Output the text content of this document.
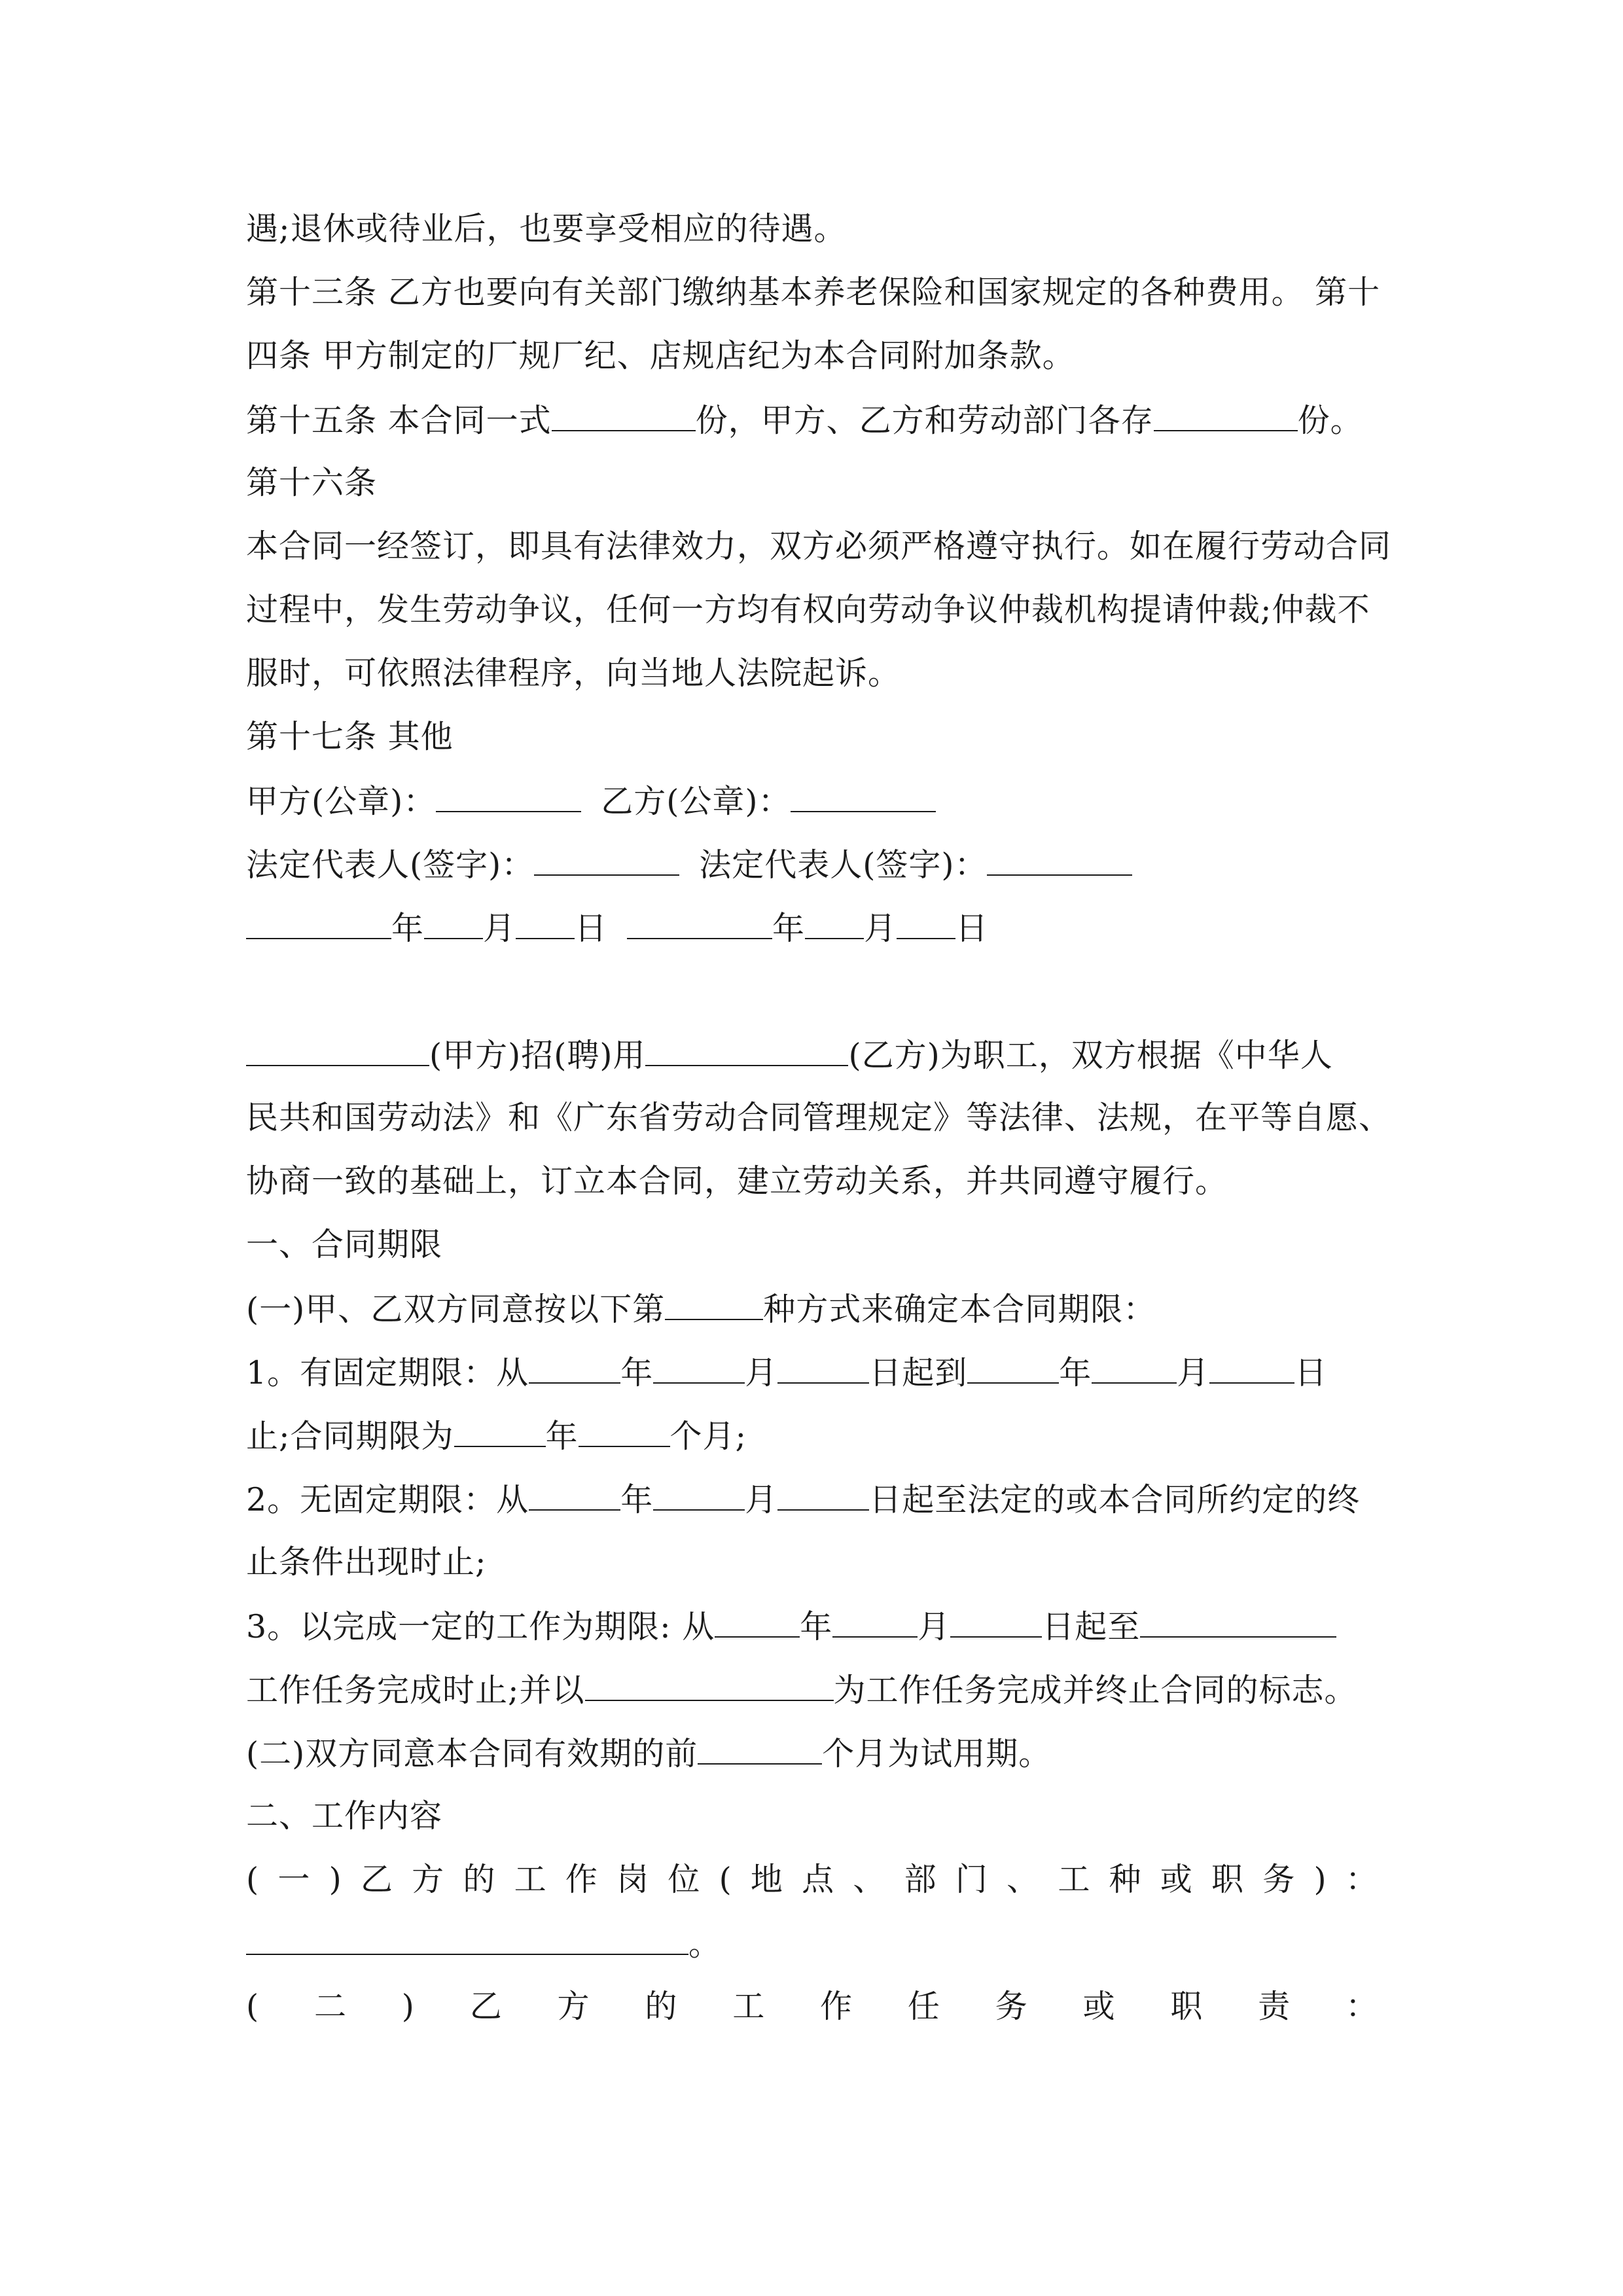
遇;退休或待业后，也要享受相应的待遇。
第十三条 乙方也要向有关部门缴纳基本养老保险和国家规定的各种费用。 第十
四条 甲方制定的厂规厂纪、店规店纪为本合同附加条款。
第十五条 本合同一式	份，甲方、乙方和劳动部门各存	份。
第十六条
本合同一经签订，即具有法律效力，双方必须严格遵守执行。如在履行劳动合同
过程中，发生劳动争议，任何一方均有权向劳动争议仲裁机构提请仲裁;仲裁不
服时，可依照法律程序，向当地人法院起诉。
第十七条 其他
甲方(公章)：	乙方(公章)：
法定代表人(签字)：	法定代表人(签字)：
年 月 日	年 月 日
(甲方)招(聘)用	(乙方)为职工，双方根据《中华人
民共和国劳动法》和《广东省劳动合同管理规定》等法律、法规，在平等自愿、
协商一致的基础上，订立本合同，建立劳动关系，并共同遵守履行。
一、合同期限
(一)甲、乙双方同意按以下第	种方式来确定本合同期限：
1。有固定期限：从	年	月	日起到	年	月	日
止;合同期限为	年	个月;
2。无固定期限：从	年	月	日起至法定的或本合同所约定的终
止条件出现时止;
3。以完成一定的工作为期限: 从	年	月	日起至
工作任务完成时止;并以	为工作任务完成并终止合同的标志。
(二)双方同意本合同有效期的前	个月为试用期。
二、工作内容
( 一 ) 乙 方 的 工 作 岗 位 ( 地 点 、 部 门 、 工 种 或 职 务 ) ：
。
( 二 ) 乙 方 的 工 作 任 务 或 职 责 ：
